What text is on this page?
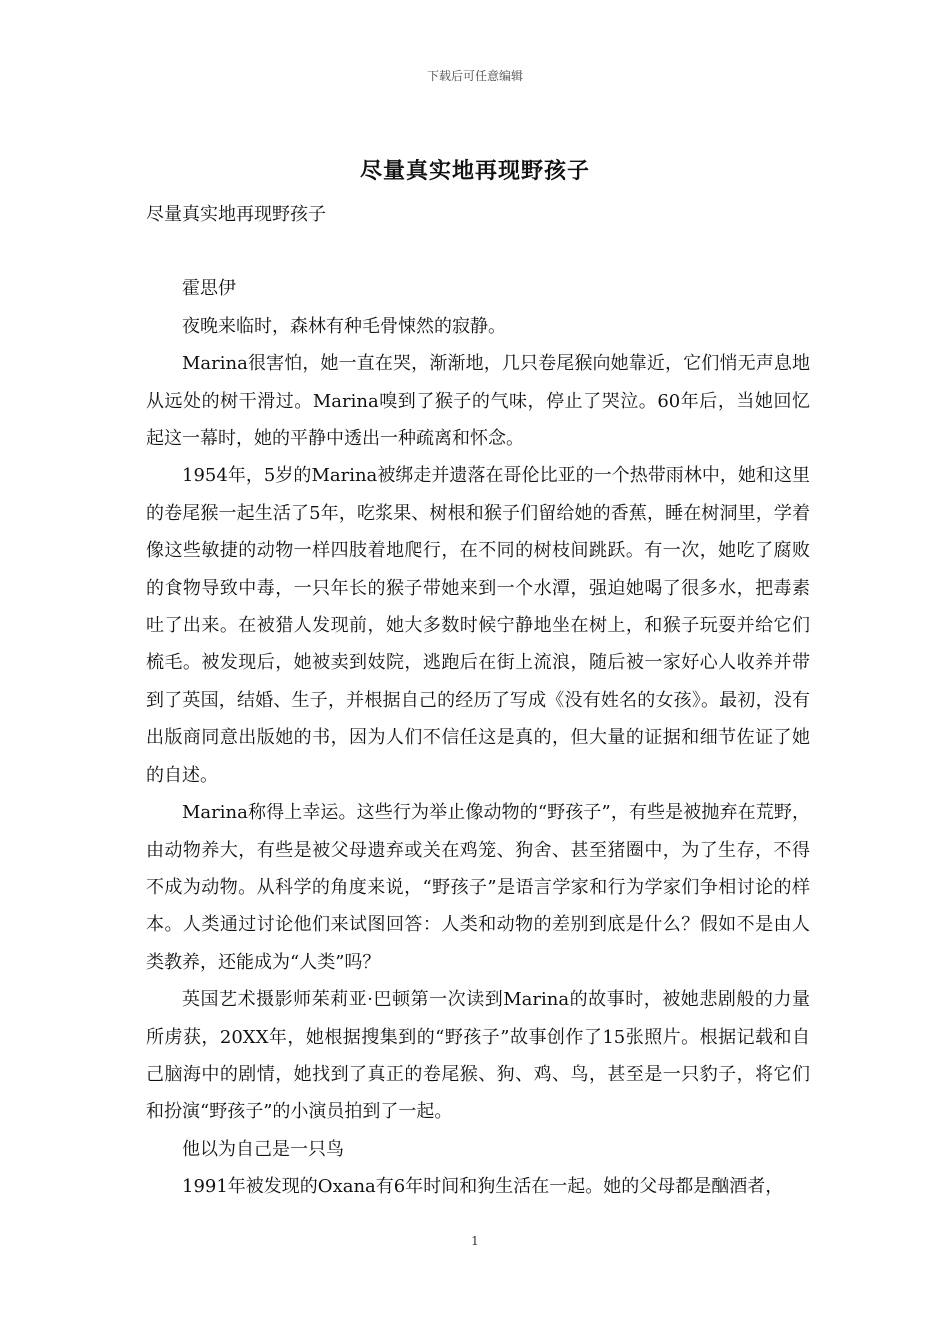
下载后可任意编辑
尽量真实地再现野孩子

尽量真实地再现野孩子

霍思伊

夜晚来临时，森林有种毛骨悚然的寂静。

Marina很害怕，她一直在哭，渐渐地，几只卷尾猴向她靠近，它们悄无声息地从远处的树干滑过。Marina嗅到了猴子的气味，停止了哭泣。60年后，当她回忆起这一幕时，她的平静中透出一种疏离和怀念。

1954年，5岁的Marina被绑走并遗落在哥伦比亚的一个热带雨林中，她和这里的卷尾猴一起生活了5年，吃浆果、树根和猴子们留给她的香蕉，睡在树洞里，学着像这些敏捷的动物一样四肢着地爬行，在不同的树枝间跳跃。有一次，她吃了腐败的食物导致中毒，一只年长的猴子带她来到一个水潭，强迫她喝了很多水，把毒素吐了出来。在被猎人发现前，她大多数时候宁静地坐在树上，和猴子玩耍并给它们梳毛。被发现后，她被卖到妓院，逃跑后在街上流浪，随后被一家好心人收养并带到了英国，结婚、生子，并根据自己的经历了写成《没有姓名的女孩》。最初，没有出版商同意出版她的书，因为人们不信任这是真的，但大量的证据和细节佐证了她的自述。

Marina称得上幸运。这些行为举止像动物的“野孩子”，有些是被抛弃在荒野，由动物养大，有些是被父母遗弃或关在鸡笼、狗舍、甚至猪圈中，为了生存，不得不成为动物。从科学的角度来说，“野孩子”是语言学家和行为学家们争相讨论的样本。人类通过讨论他们来试图回答：人类和动物的差别到底是什么？假如不是由人类教养，还能成为“人类”吗？

英国艺术摄影师茱莉亚·巴顿第一次读到Marina的故事时，被她悲剧般的力量所虏获，20XX年，她根据搜集到的“野孩子”故事创作了15张照片。根据记载和自己脑海中的剧情，她找到了真正的卷尾猴、狗、鸡、鸟，甚至是一只豹子，将它们和扮演“野孩子”的小演员拍到了一起。

他以为自己是一只鸟

1991年被发现的Oxana有6年时间和狗生活在一起。她的父母都是酗酒者，

1
